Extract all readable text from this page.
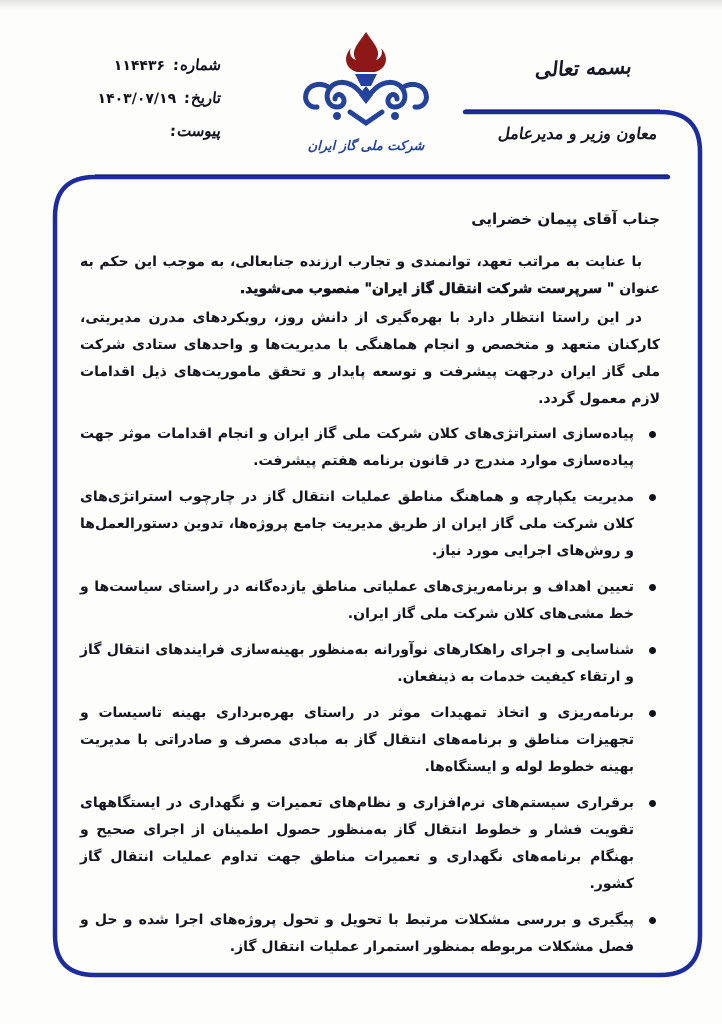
شماره:
۱۱۴۴۳۶
تاریخ:
۱۴۰۳/۰۷/۱۹
پیوست:
بسمه تعالی
معاون وزیر و مدیرعامل
شرکت ملی گاز ایران
جناب آقای پیمان خضرایی

با عنایت به مراتب تعهد، توانمندی و تجارب ارزنده جنابعالی، به موجب این حکم به عنوان " سرپرست شرکت انتقال گاز ایران" منصوب می‌شوید.

در این راستا انتظار دارد با بهره‌گیری از دانش روز، رویکردهای مدرن مدیریتی، کارکنان متعهد و متخصص و انجام هماهنگی با مدیریت‌ها و واحدهای ستادی شرکت ملی گاز ایران درجهت پیشرفت و توسعه پایدار و تحقق ماموریت‌های ذیل اقدامات لازم معمول گردد.

پیاده‌سازی استراتژی‌های کلان شرکت ملی گاز ایران و انجام اقدامات موثر جهت پیاده‌سازی موارد مندرج در قانون برنامه هفتم پیشرفت.
مدیریت یکپارچه و هماهنگ مناطق عملیات انتقال گاز در چارچوب استراتژی‌های کلان شرکت ملی گاز ایران از طریق مدیریت جامع پروژه‌ها، تدوین دستورالعمل‌ها و روش‌های اجرایی مورد نیاز.
تعیین اهداف و برنامه‌ریزی‌های عملیاتی مناطق یازده‌گانه در راستای سیاست‌ها و خط مشی‌های کلان شرکت ملی گاز ایران.
شناسایی و اجرای راهکارهای نوآورانه به‌منظور بهینه‌سازی فرایندهای انتقال گاز و ارتقاء کیفیت خدمات به ذینفعان.
برنامه‌ریزی و اتخاذ تمهیدات موثر در راستای بهره‌برداری بهینه تاسیسات و تجهیزات مناطق و برنامه‌های انتقال گاز به مبادی مصرف و صادراتی با مدیریت بهینه خطوط لوله و ایستگاه‌ها.
برقراری سیستم‌های نرم‌افزاری و نظام‌های تعمیرات و نگهداری در ایستگاههای تقویت فشار و خطوط انتقال گاز به‌منظور حصول اطمینان از اجرای صحیح و بهنگام برنامه‌های نگهداری و تعمیرات مناطق جهت تداوم عملیات انتقال گاز کشور.
پیگیری و بررسی مشکلات مرتبط با تحویل و تحول پروژه‌های اجرا شده و حل و فصل مشکلات مربوطه بمنظور استمرار عملیات انتقال گاز.
